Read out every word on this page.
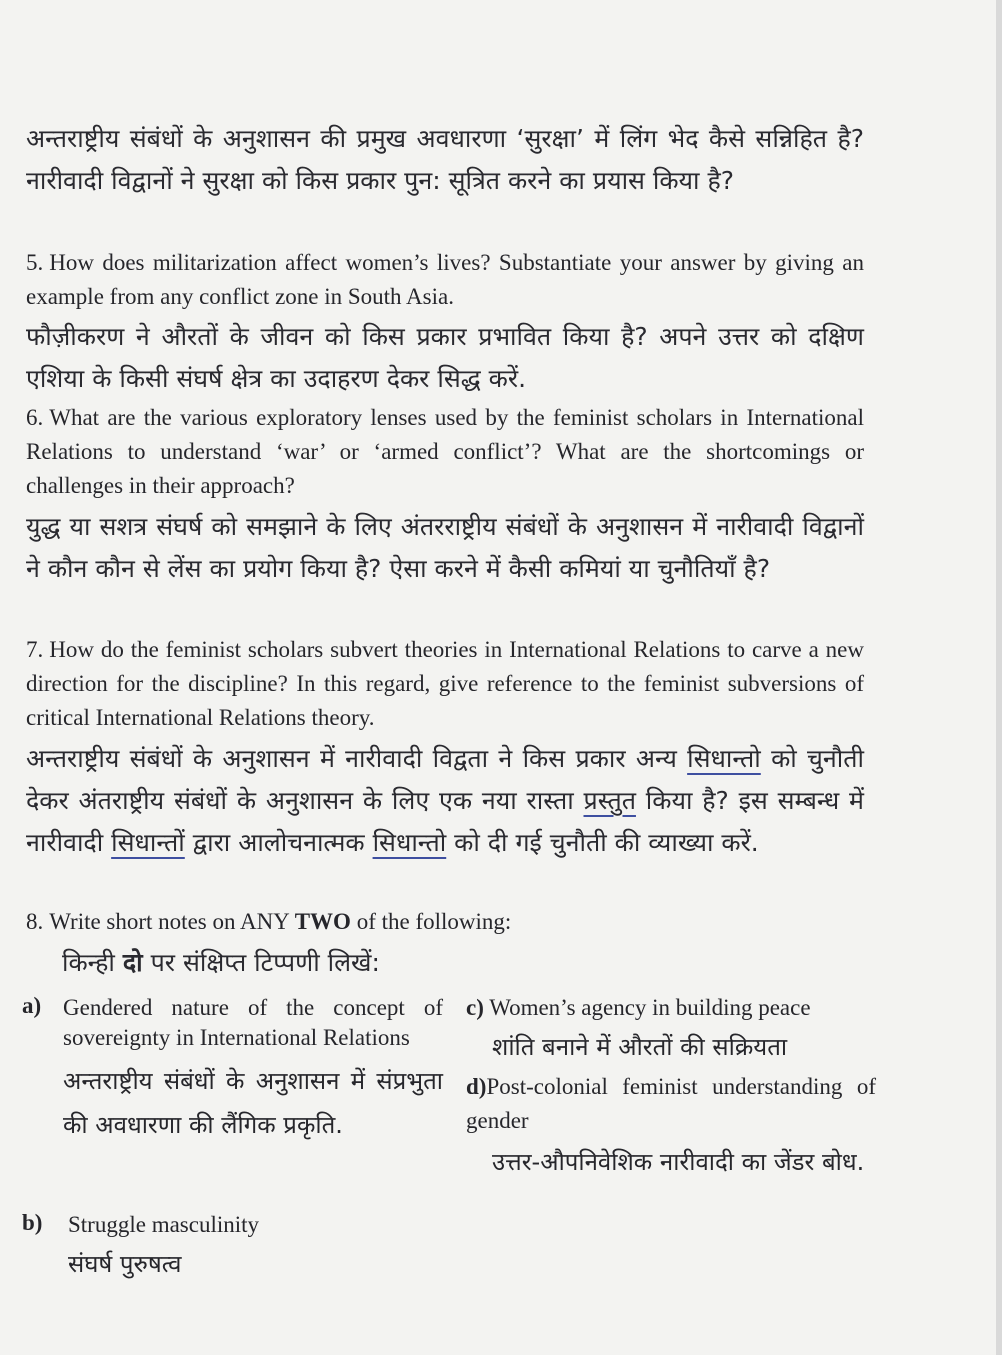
अन्तराष्ट्रीय संबंधों के अनुशासन की प्रमुख अवधारणा ‘सुरक्षा’ में लिंग भेद कैसे सन्निहित है? नारीवादी विद्वानों ने सुरक्षा को किस प्रकार पुन: सूत्रित करने का प्रयास किया है?
5. How does militarization affect women’s lives? Substantiate your answer by giving an example from any conflict zone in South Asia.
फौज़ीकरण ने औरतों के जीवन को किस प्रकार प्रभावित किया है? अपने उत्तर को दक्षिण एशिया के किसी संघर्ष क्षेत्र का उदाहरण देकर सिद्ध करें.
6. What are the various exploratory lenses used by the feminist scholars in International Relations to understand ‘war’ or ‘armed conflict’? What are the shortcomings or challenges in their approach?
युद्ध या सशत्र संघर्ष को समझाने के लिए अंतरराष्ट्रीय संबंधों के अनुशासन में नारीवादी विद्वानों ने कौन कौन से लेंस का प्रयोग किया है? ऐसा करने में कैसी कमियां या चुनौतियाँ है?
7. How do the feminist scholars subvert theories in International Relations to carve a new direction for the discipline? In this regard, give reference to the feminist subversions of critical International Relations theory.
अन्तराष्ट्रीय संबंधों के अनुशासन में नारीवादी विद्वता ने किस प्रकार अन्य सिधान्तो को चुनौती देकर अंतराष्ट्रीय संबंधों के अनुशासन के लिए एक नया रास्ता प्रस्तुत किया है? इस सम्बन्ध में नारीवादी सिधान्तों द्वारा आलोचनात्मक सिधान्तो को दी गई चुनौती की व्याख्या करें.
8. Write short notes on ANY TWO of the following:
किन्ही दो पर संक्षिप्त टिप्पणी लिखें:
a) Gendered nature of the concept of sovereignty in International Relations
अन्तराष्ट्रीय संबंधों के अनुशासन में संप्रभुता की अवधारणा की लैंगिक प्रकृति.
b) Struggle masculinity
संघर्ष पुरुषत्व
c) Women’s agency in building peace
शांति बनाने में औरतों की सक्रियता
d)Post-colonial feminist understanding of gender
उत्तर-औपनिवेशिक नारीवादी का जेंडर बोध.
